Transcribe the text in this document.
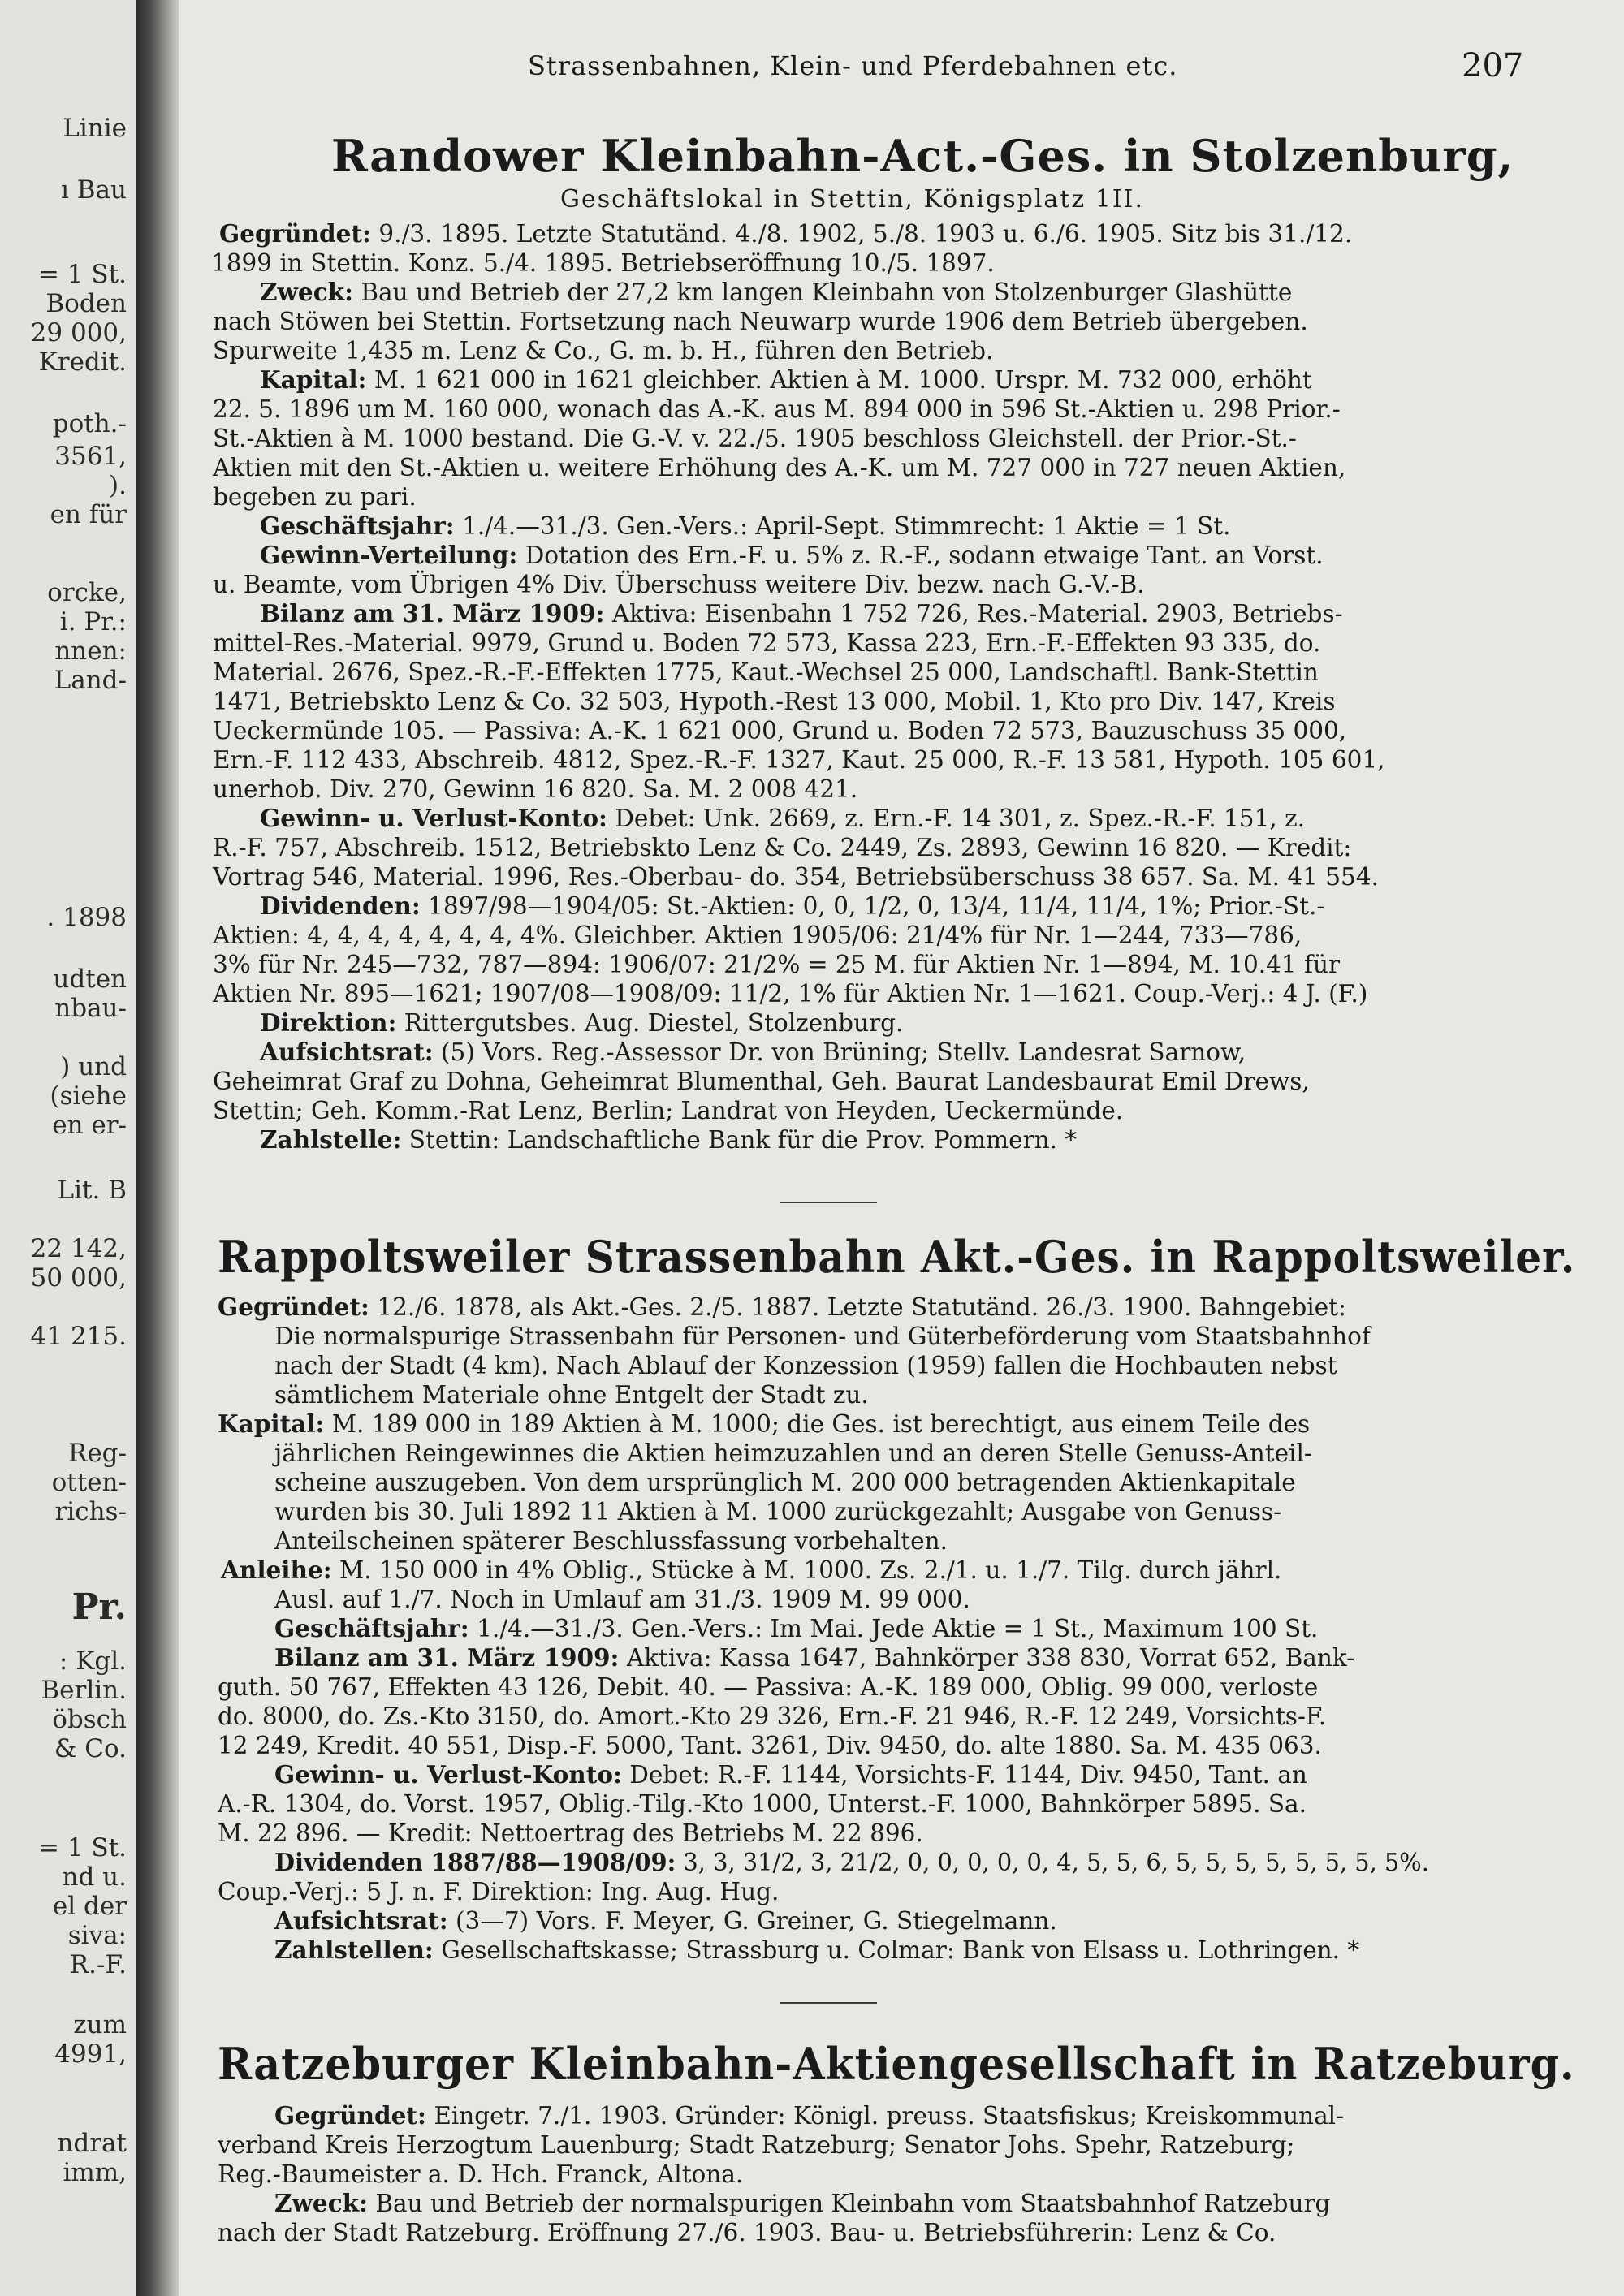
Linie
ı Bau
= 1 St.
Boden
29 000,
Kredit.
poth.-
3561,
).
en für
orcke,
i. Pr.:
nnen:
Land-
. 1898
udten
nbau-
) und
(siehe
en er-
Lit. B
22 142,
50 000,
41 215.
Reg-
otten-
richs-
Pr.
: Kgl.
Berlin.
öbsch
& Co.
= 1 St.
nd u.
el der
siva:
R.-F.
zum
4991,
ndrat
imm,
Strassenbahnen, Klein- und Pferdebahnen etc.	207
Randower Kleinbahn-Act.-Ges. in Stolzenburg,
Geschäftslokal in Stettin, Königsplatz 1II.
Gegründet: 9./3. 1895. Letzte Statutänd. 4./8. 1902, 5./8. 1903 u. 6./6. 1905. Sitz bis 31./12.
1899 in Stettin. Konz. 5./4. 1895. Betriebseröffnung 10./5. 1897.
Zweck: Bau und Betrieb der 27,2 km langen Kleinbahn von Stolzenburger Glashütte
nach Stöwen bei Stettin. Fortsetzung nach Neuwarp wurde 1906 dem Betrieb übergeben.
Spurweite 1,435 m. Lenz & Co., G. m. b. H., führen den Betrieb.
Kapital: M. 1 621 000 in 1621 gleichber. Aktien à M. 1000. Urspr. M. 732 000, erhöht
22. 5. 1896 um M. 160 000, wonach das A.-K. aus M. 894 000 in 596 St.-Aktien u. 298 Prior.-
St.-Aktien à M. 1000 bestand. Die G.-V. v. 22./5. 1905 beschloss Gleichstell. der Prior.-St.-
Aktien mit den St.-Aktien u. weitere Erhöhung des A.-K. um M. 727 000 in 727 neuen Aktien,
begeben zu pari.
Geschäftsjahr: 1./4.—31./3. Gen.-Vers.: April-Sept. Stimmrecht: 1 Aktie = 1 St.
Gewinn-Verteilung: Dotation des Ern.-F. u. 5% z. R.-F., sodann etwaige Tant. an Vorst.
u. Beamte, vom Übrigen 4% Div. Überschuss weitere Div. bezw. nach G.-V.-B.
Bilanz am 31. März 1909: Aktiva: Eisenbahn 1 752 726, Res.-Material. 2903, Betriebs-
mittel-Res.-Material. 9979, Grund u. Boden 72 573, Kassa 223, Ern.-F.-Effekten 93 335, do.
Material. 2676, Spez.-R.-F.-Effekten 1775, Kaut.-Wechsel 25 000, Landschaftl. Bank-Stettin
1471, Betriebskto Lenz & Co. 32 503, Hypoth.-Rest 13 000, Mobil. 1, Kto pro Div. 147, Kreis
Ueckermünde 105. — Passiva: A.-K. 1 621 000, Grund u. Boden 72 573, Bauzuschuss 35 000,
Ern.-F. 112 433, Abschreib. 4812, Spez.-R.-F. 1327, Kaut. 25 000, R.-F. 13 581, Hypoth. 105 601,
unerhob. Div. 270, Gewinn 16 820. Sa. M. 2 008 421.
Gewinn- u. Verlust-Konto: Debet: Unk. 2669, z. Ern.-F. 14 301, z. Spez.-R.-F. 151, z.
R.-F. 757, Abschreib. 1512, Betriebskto Lenz & Co. 2449, Zs. 2893, Gewinn 16 820. — Kredit:
Vortrag 546, Material. 1996, Res.-Oberbau- do. 354, Betriebsüberschuss 38 657. Sa. M. 41 554.
Dividenden: 1897/98—1904/05: St.-Aktien: 0, 0, 1/2, 0, 13/4, 11/4, 11/4, 1%; Prior.-St.-
Aktien: 4, 4, 4, 4, 4, 4, 4, 4%. Gleichber. Aktien 1905/06: 21/4% für Nr. 1—244, 733—786,
3% für Nr. 245—732, 787—894: 1906/07: 21/2% = 25 M. für Aktien Nr. 1—894, M. 10.41 für
Aktien Nr. 895—1621; 1907/08—1908/09: 11/2, 1% für Aktien Nr. 1—1621. Coup.-Verj.: 4 J. (F.)
Direktion: Rittergutsbes. Aug. Diestel, Stolzenburg.
Aufsichtsrat: (5) Vors. Reg.-Assessor Dr. von Brüning; Stellv. Landesrat Sarnow,
Geheimrat Graf zu Dohna, Geheimrat Blumenthal, Geh. Baurat Landesbaurat Emil Drews,
Stettin; Geh. Komm.-Rat Lenz, Berlin; Landrat von Heyden, Ueckermünde.
Zahlstelle: Stettin: Landschaftliche Bank für die Prov. Pommern. *
Rappoltsweiler Strassenbahn Akt.-Ges. in Rappoltsweiler.
Gegründet: 12./6. 1878, als Akt.-Ges. 2./5. 1887. Letzte Statutänd. 26./3. 1900. Bahngebiet:
Die normalspurige Strassenbahn für Personen- und Güterbeförderung vom Staatsbahnhof
nach der Stadt (4 km). Nach Ablauf der Konzession (1959) fallen die Hochbauten nebst
sämtlichem Materiale ohne Entgelt der Stadt zu.
Kapital: M. 189 000 in 189 Aktien à M. 1000; die Ges. ist berechtigt, aus einem Teile des
jährlichen Reingewinnes die Aktien heimzuzahlen und an deren Stelle Genuss-Anteil-
scheine auszugeben. Von dem ursprünglich M. 200 000 betragenden Aktienkapitale
wurden bis 30. Juli 1892 11 Aktien à M. 1000 zurückgezahlt; Ausgabe von Genuss-
Anteilscheinen späterer Beschlussfassung vorbehalten.
Anleihe: M. 150 000 in 4% Oblig., Stücke à M. 1000. Zs. 2./1. u. 1./7. Tilg. durch jährl.
Ausl. auf 1./7. Noch in Umlauf am 31./3. 1909 M. 99 000.
Geschäftsjahr: 1./4.—31./3. Gen.-Vers.: Im Mai. Jede Aktie = 1 St., Maximum 100 St.
Bilanz am 31. März 1909: Aktiva: Kassa 1647, Bahnkörper 338 830, Vorrat 652, Bank-
guth. 50 767, Effekten 43 126, Debit. 40. — Passiva: A.-K. 189 000, Oblig. 99 000, verloste
do. 8000, do. Zs.-Kto 3150, do. Amort.-Kto 29 326, Ern.-F. 21 946, R.-F. 12 249, Vorsichts-F.
12 249, Kredit. 40 551, Disp.-F. 5000, Tant. 3261, Div. 9450, do. alte 1880. Sa. M. 435 063.
Gewinn- u. Verlust-Konto: Debet: R.-F. 1144, Vorsichts-F. 1144, Div. 9450, Tant. an
A.-R. 1304, do. Vorst. 1957, Oblig.-Tilg.-Kto 1000, Unterst.-F. 1000, Bahnkörper 5895. Sa.
M. 22 896. — Kredit: Nettoertrag des Betriebs M. 22 896.
Dividenden 1887/88—1908/09: 3, 3, 31/2, 3, 21/2, 0, 0, 0, 0, 0, 4, 5, 5, 6, 5, 5, 5, 5, 5, 5, 5, 5%.
Coup.-Verj.: 5 J. n. F. Direktion: Ing. Aug. Hug.
Aufsichtsrat: (3—7) Vors. F. Meyer, G. Greiner, G. Stiegelmann.
Zahlstellen: Gesellschaftskasse; Strassburg u. Colmar: Bank von Elsass u. Lothringen. *
Ratzeburger Kleinbahn-Aktiengesellschaft in Ratzeburg.
Gegründet: Eingetr. 7./1. 1903. Gründer: Königl. preuss. Staatsfiskus; Kreiskommunal-
verband Kreis Herzogtum Lauenburg; Stadt Ratzeburg; Senator Johs. Spehr, Ratzeburg;
Reg.-Baumeister a. D. Hch. Franck, Altona.
Zweck: Bau und Betrieb der normalspurigen Kleinbahn vom Staatsbahnhof Ratzeburg
nach der Stadt Ratzeburg. Eröffnung 27./6. 1903. Bau- u. Betriebsführerin: Lenz & Co.
